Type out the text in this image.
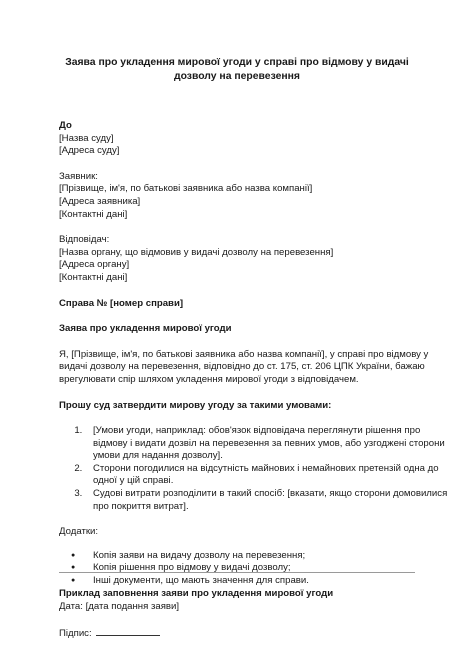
Заява про укладення мирової угоди у справі про відмову у видачі дозволу на перевезення
До
[Назва суду]
[Адреса суду]
Заявник:
[Прізвище, ім'я, по батькові заявника або назва компанії]
[Адреса заявника]
[Контактні дані]
Відповідач:
[Назва органу, що відмовив у видачі дозволу на перевезення]
[Адреса органу]
[Контактні дані]
Справа № [номер справи]
Заява про укладення мирової угоди
Я, [Прізвище, ім'я, по батькові заявника або назва компанії], у справі про відмову у
видачі дозволу на перевезення, відповідно до ст. 175, ст. 206 ЦПК України, бажаю
врегулювати спір шляхом укладення мирової угоди з відповідачем.
Прошу суд затвердити мирову угоду за такими умовами:
1. [Умови угоди, наприклад: обов'язок відповідача переглянути рішення про
відмову і видати дозвіл на перевезення за певних умов, або узгоджені сторони
умови для надання дозволу].
2. Сторони погодилися на відсутність майнових і немайнових претензій одна до
одної у цій справі.
3. Судові витрати розподілити в такий спосіб: [вказати, якщо сторони домовилися
про покриття витрат].
Додатки:
● Копія заяви на видачу дозволу на перевезення;
● Копія рішення про відмову у видачі дозволу;
● Інші документи, що мають значення для справи.
Дата: [дата подання заяви]
Підпис:
Приклад заповнення заяви про укладення мирової угоди
